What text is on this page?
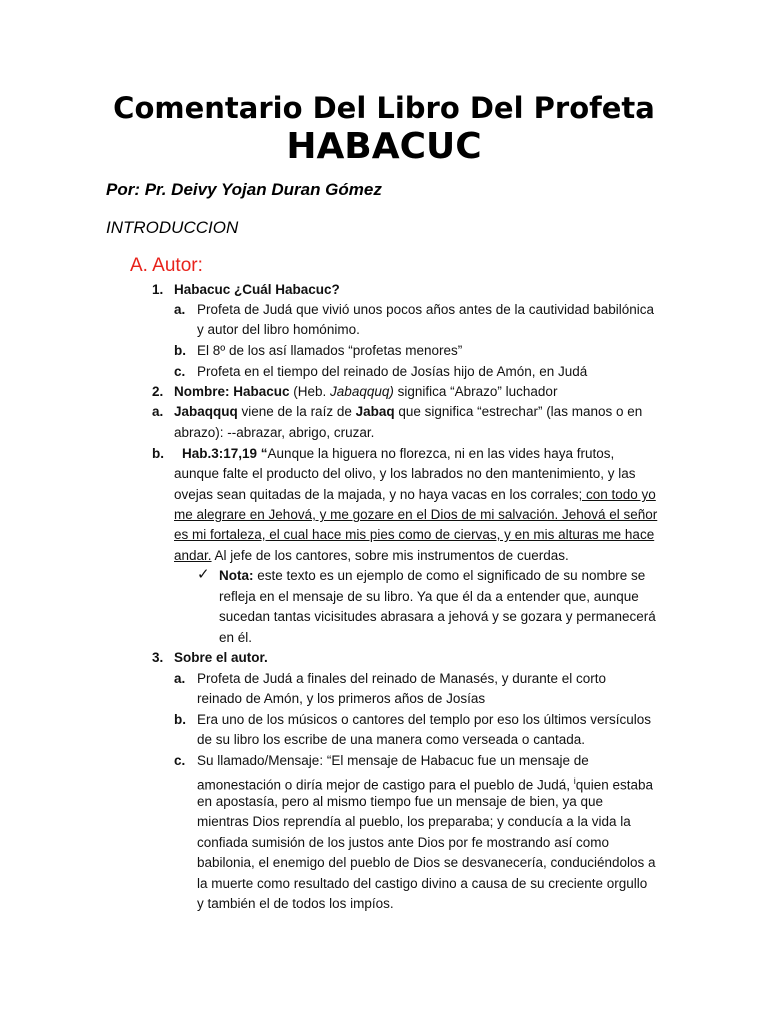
Comentario Del Libro Del Profeta
HABACUC
Por: Pr. Deivy Yojan Duran Gómez
INTRODUCCION
A. Autor:
1. Habacuc ¿Cuál Habacuc?
a. Profeta de Judá que vivió unos pocos años antes de la cautividad babilónica
y autor del libro homónimo.
b. El 8º de los así llamados “profetas menores”
c. Profeta en el tiempo del reinado de Josías hijo de Amón, en Judá
2. Nombre: Habacuc (Heb. Jabaqquq) significa “Abrazo” luchador
a. Jabaqquq viene de la raíz de Jabaq que significa “estrechar” (las manos o en
abrazo): --abrazar, abrigo, cruzar.
b. Hab.3:17,19 “Aunque la higuera no florezca, ni en las vides haya frutos,
aunque falte el producto del olivo, y los labrados no den mantenimiento, y las
ovejas sean quitadas de la majada, y no haya vacas en los corrales; con todo yo
me alegrare en Jehová, y me gozare en el Dios de mi salvación. Jehová el señor
es mi fortaleza, el cual hace mis pies como de ciervas, y en mis alturas me hace
andar. Al jefe de los cantores, sobre mis instrumentos de cuerdas.
✓ Nota: este texto es un ejemplo de como el significado de su nombre se
refleja en el mensaje de su libro. Ya que él da a entender que, aunque
sucedan tantas vicisitudes abrasara a jehová y se gozara y permanecerá
en él.
3. Sobre el autor.
a. Profeta de Judá a finales del reinado de Manasés, y durante el corto
reinado de Amón, y los primeros años de Josías
b. Era uno de los músicos o cantores del templo por eso los últimos versículos
de su libro los escribe de una manera como verseada o cantada.
c. Su llamado/Mensaje: “El mensaje de Habacuc fue un mensaje de
amonestación o diría mejor de castigo para el pueblo de Judá, $^i$quien estaba
en apostasía, pero al mismo tiempo fue un mensaje de bien, ya que
mientras Dios reprendía al pueblo, los preparaba; y conducía a la vida la
confiada sumisión de los justos ante Dios por fe mostrando así como
babilonia, el enemigo del pueblo de Dios se desvanecería, conduciéndolos a
la muerte como resultado del castigo divino a causa de su creciente orgullo
y también el de todos los impíos.
